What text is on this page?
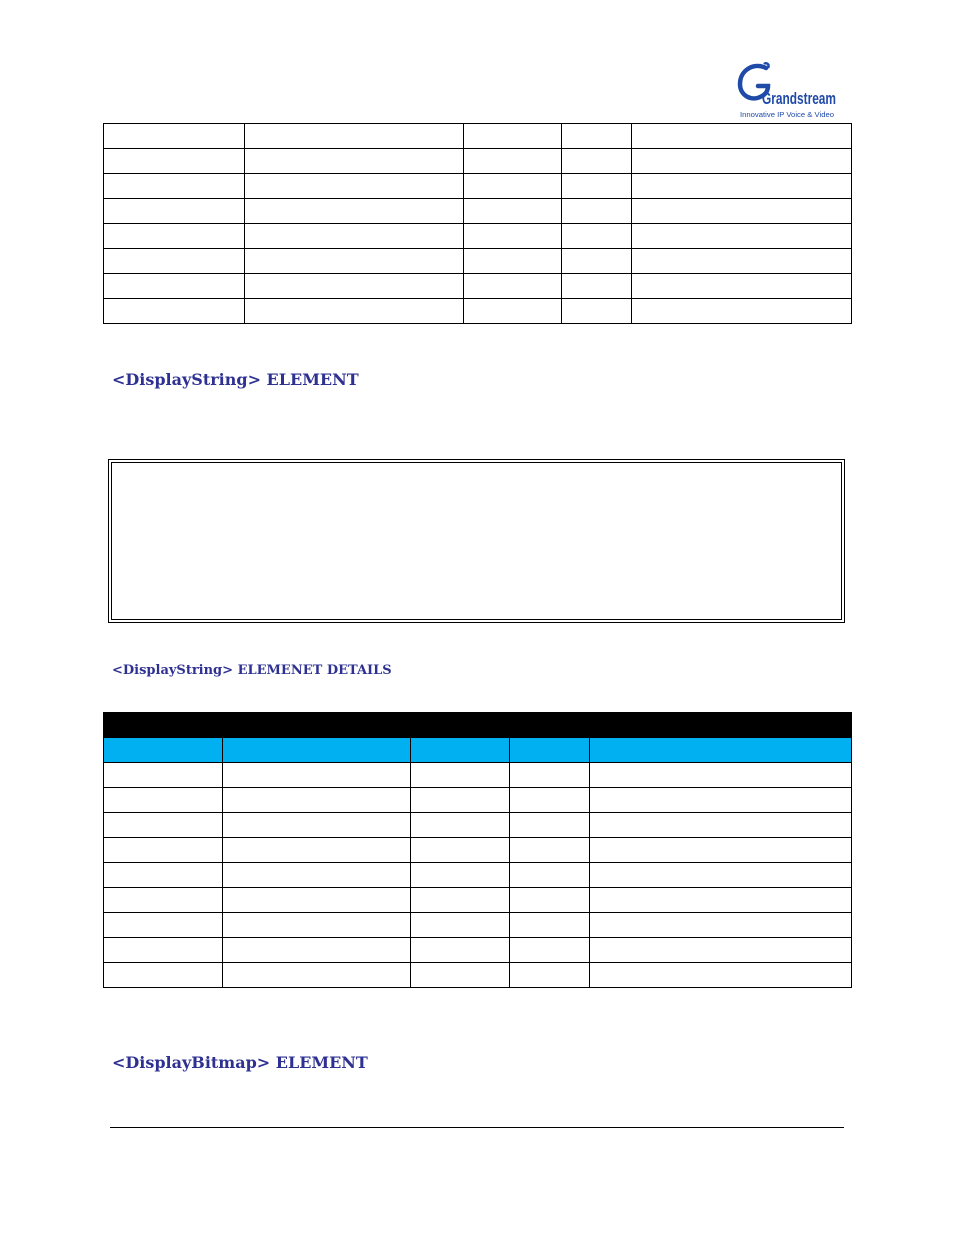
Grandstream
Innovative IP Voice & Video

<DisplayString> ELEMENT
<DisplayString> ELEMENET DETAILS

<DisplayBitmap> ELEMENT
